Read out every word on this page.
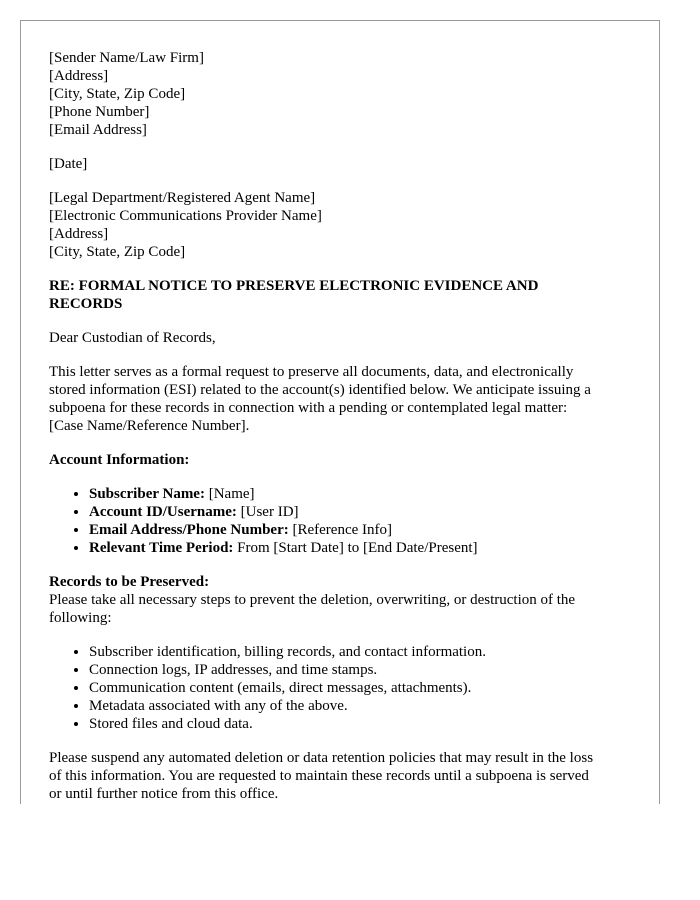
[Sender Name/Law Firm]
[Address]
[City, State, Zip Code]
[Phone Number]
[Email Address]
[Date]
[Legal Department/Registered Agent Name]
[Electronic Communications Provider Name]
[Address]
[City, State, Zip Code]
RE: FORMAL NOTICE TO PRESERVE ELECTRONIC EVIDENCE AND
RECORDS
Dear Custodian of Records,
This letter serves as a formal request to preserve all documents, data, and electronically
stored information (ESI) related to the account(s) identified below. We anticipate issuing a
subpoena for these records in connection with a pending or contemplated legal matter:
[Case Name/Reference Number].
Account Information:
• Subscriber Name: [Name]
• Account ID/Username: [User ID]
• Email Address/Phone Number: [Reference Info]
• Relevant Time Period: From [Start Date] to [End Date/Present]
Records to be Preserved:
Please take all necessary steps to prevent the deletion, overwriting, or destruction of the
following:
• Subscriber identification, billing records, and contact information.
• Connection logs, IP addresses, and time stamps.
• Communication content (emails, direct messages, attachments).
• Metadata associated with any of the above.
• Stored files and cloud data.
Please suspend any automated deletion or data retention policies that may result in the loss
of this information. You are requested to maintain these records until a subpoena is served
or until further notice from this office.
